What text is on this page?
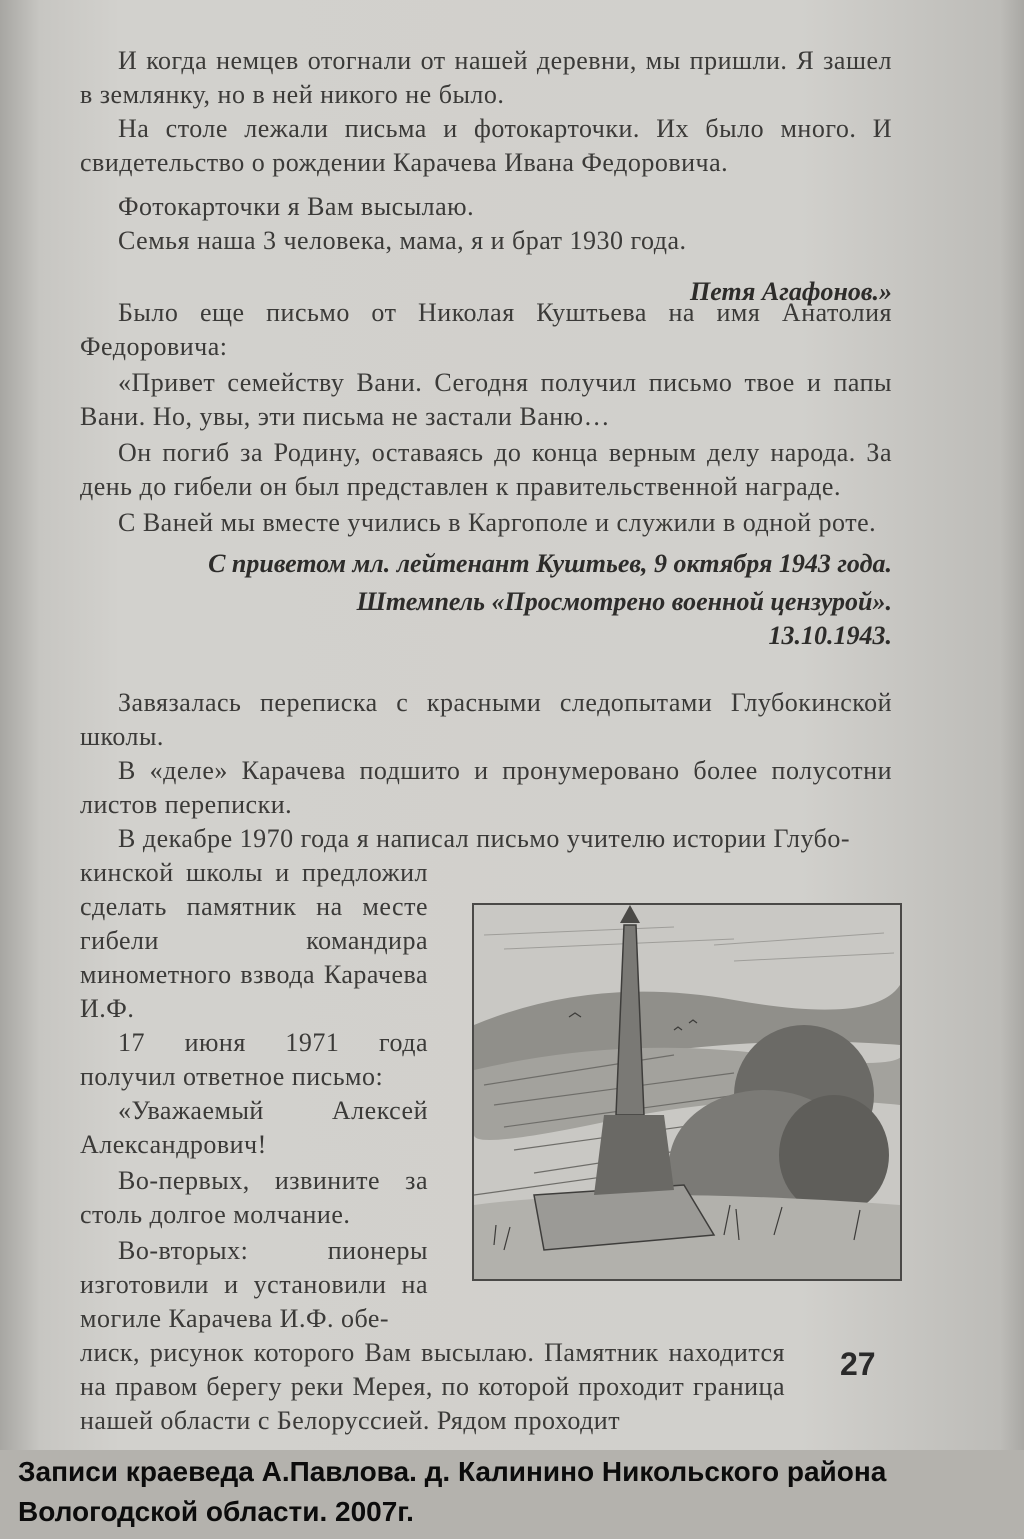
И когда немцев отогнали от нашей деревни, мы пришли. Я зашел в землянку, но в ней никого не было.

На столе лежали письма и фотокарточки. Их было много. И свидетельство о рождении Карачева Ивана Федоровича.

Фотокарточки я Вам высылаю.

Семья наша 3 человека, мама, я и брат 1930 года.

Петя Агафонов.»

Было еще письмо от Николая Куштьева на имя Анатолия Федоровича:

«Привет семейству Вани. Сегодня получил письмо твое и папы Вани. Но, увы, эти письма не застали Ваню…

Он погиб за Родину, оставаясь до конца верным делу народа. За день до гибели он был представлен к правительственной награде.

С Ваней мы вместе учились в Каргополе и служили в одной роте.

С приветом мл. лейтенант Куштьев, 9 октября 1943 года.

Штемпель «Просмотрено военной цензурой».

13.10.1943.

Завязалась переписка с красными следопытами Глубокинской школы.

В «деле» Карачева подшито и пронумеровано более полусотни листов переписки.

В декабре 1970 года я написал письмо учителю истории Глубо-

кинской школы и предложил сделать памятник на месте гибели командира минометного взвода Карачева И.Ф.

17 июня 1971 года получил ответное письмо:

«Уважаемый Алексей Александрович!

Во-первых, извините за столь долгое молчание.

Во-вторых: пионеры изготовили и установили на могиле Карачева И.Ф. обе-

лиск, рисунок которого Вам высылаю. Памятник находится на правом берегу реки Мерея, по которой проходит граница нашей области с Белоруссией. Рядом проходит

27

Записи краеведа А.Павлова. д. Калинино Никольского района Вологодской области. 2007г.
